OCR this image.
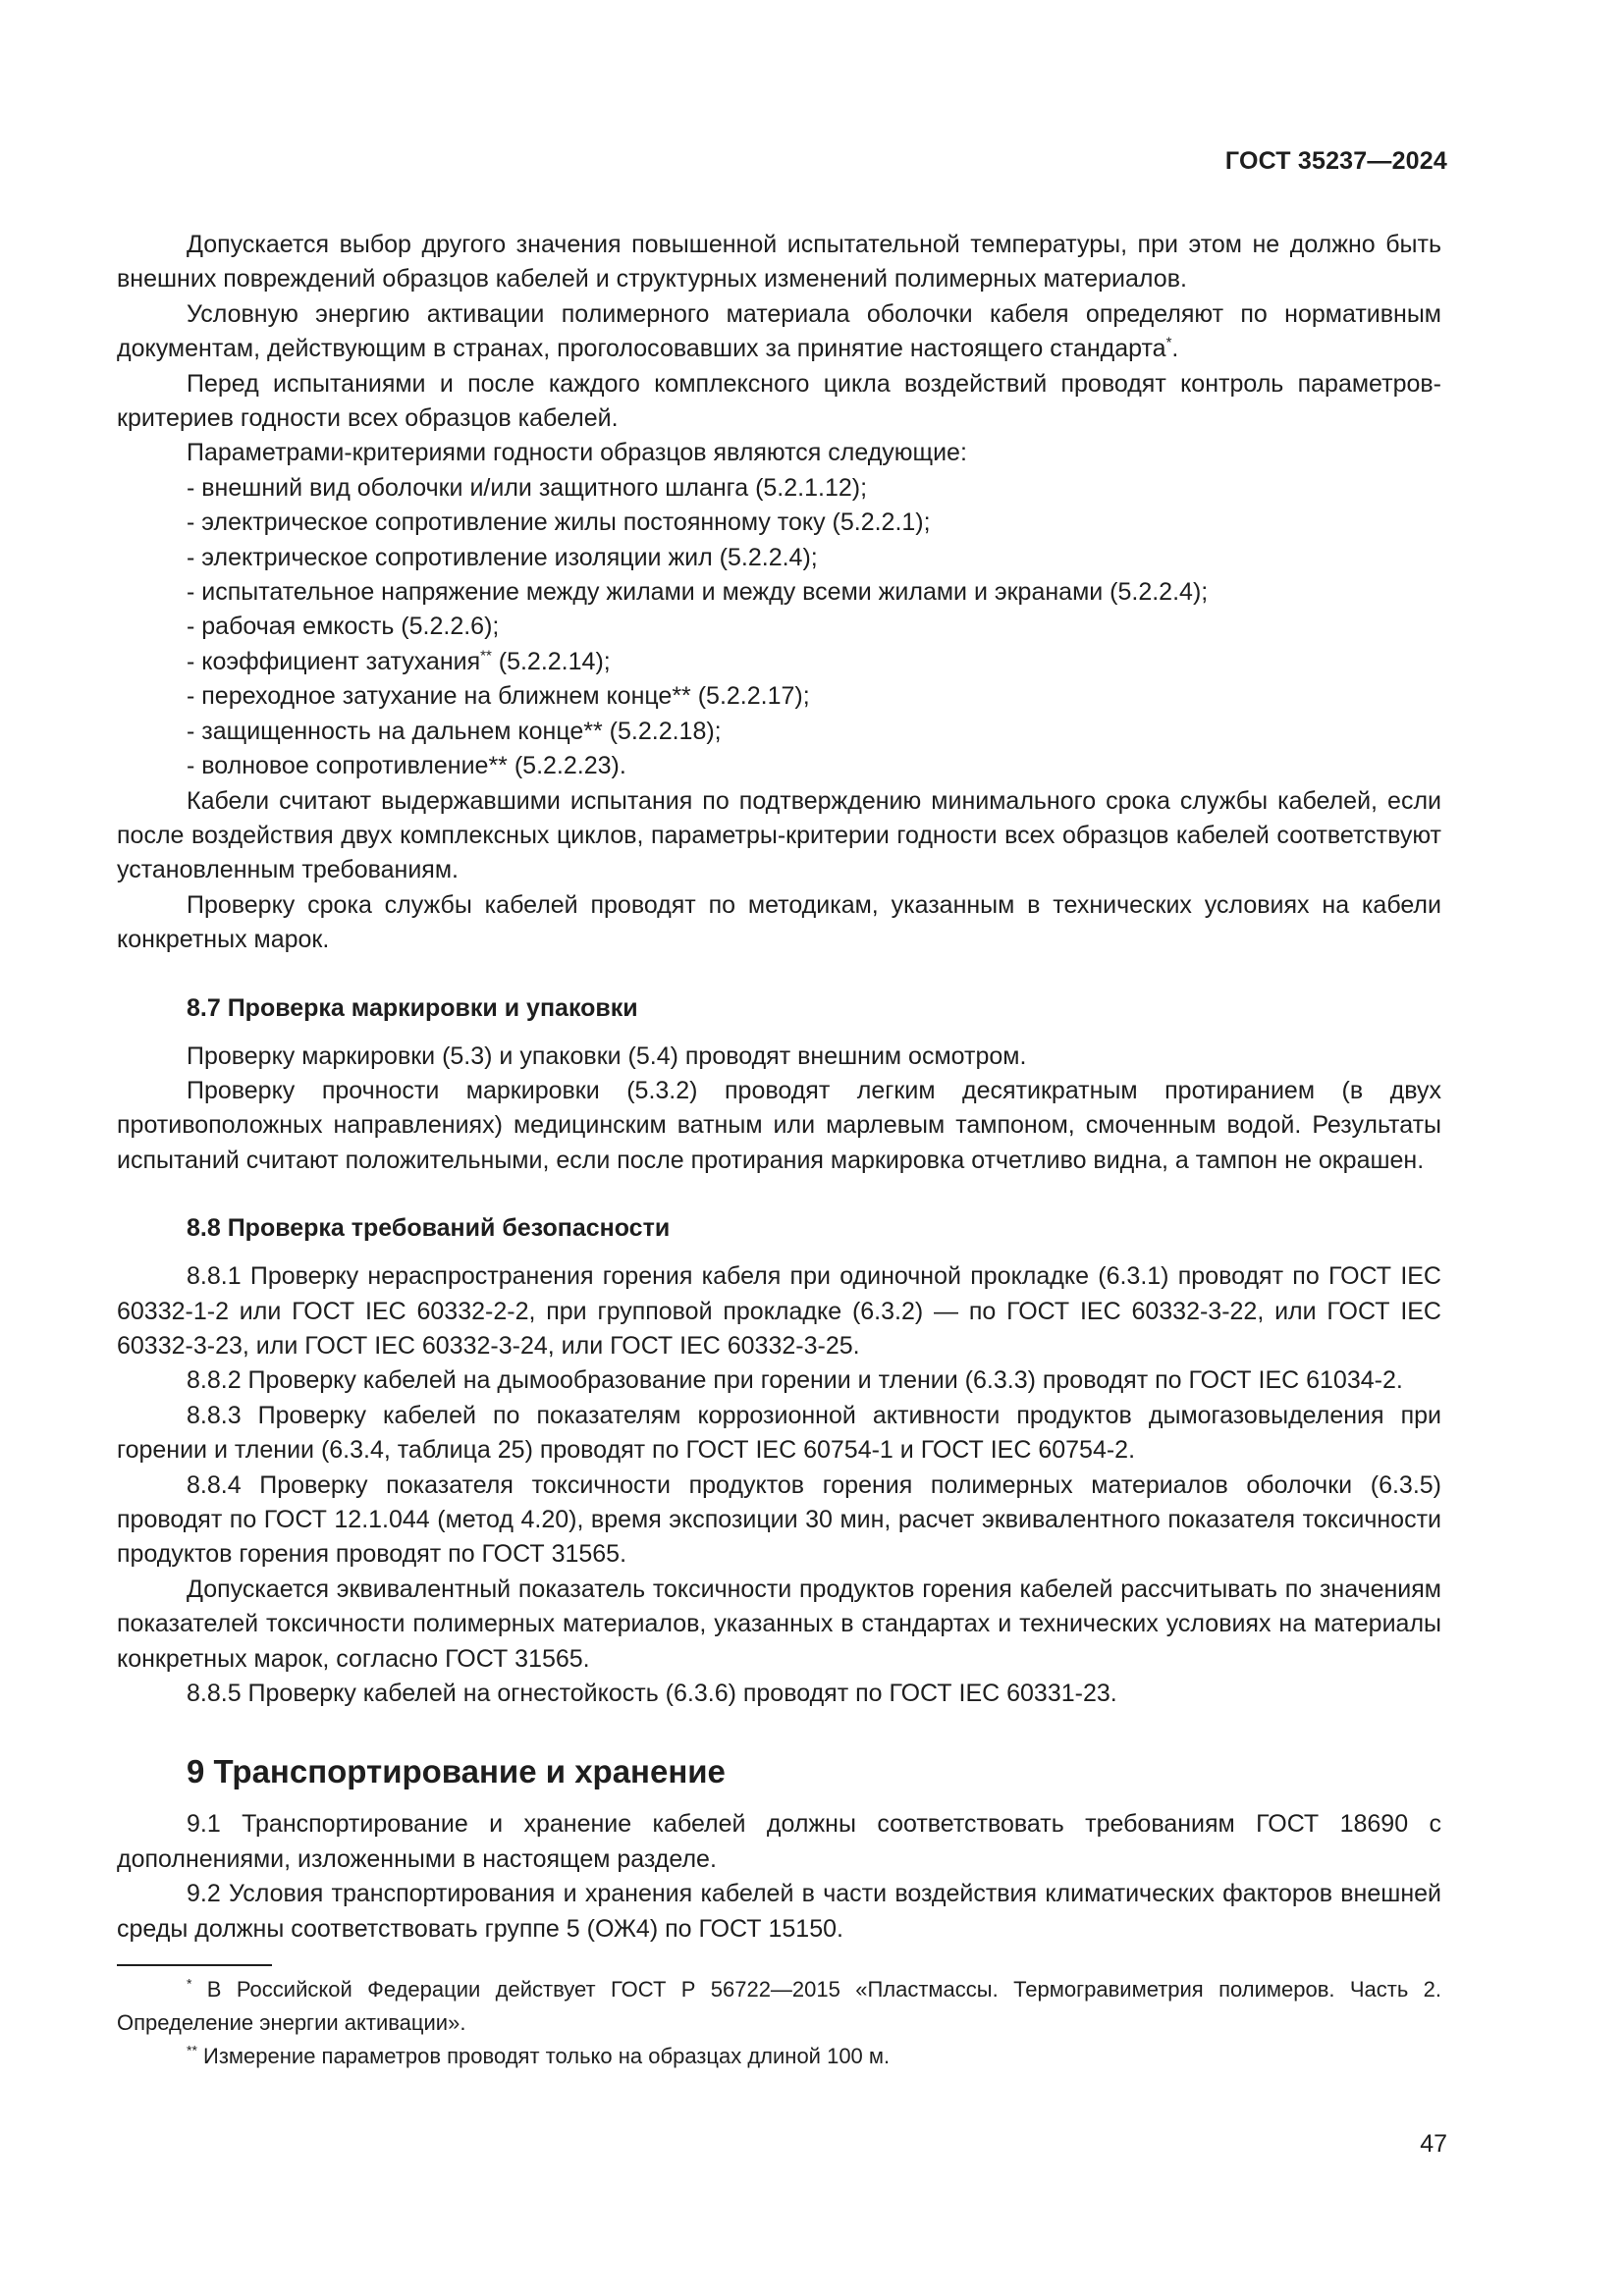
ГОСТ 35237—2024

Допускается выбор другого значения повышенной испытательной температуры, при этом не должно быть внешних повреждений образцов кабелей и структурных изменений полимерных материалов.

Условную энергию активации полимерного материала оболочки кабеля определяют по нормативным документам, действующим в странах, проголосовавших за принятие настоящего стандарта*.

Перед испытаниями и после каждого комплексного цикла воздействий проводят контроль параметров-критериев годности всех образцов кабелей.

Параметрами-критериями годности образцов являются следующие:

- внешний вид оболочки и/или защитного шланга (5.2.1.12);

- электрическое сопротивление жилы постоянному току (5.2.2.1);

- электрическое сопротивление изоляции жил (5.2.2.4);

- испытательное напряжение между жилами и между всеми жилами и экранами (5.2.2.4);

- рабочая емкость (5.2.2.6);

- коэффициент затухания** (5.2.2.14);

- переходное затухание на ближнем конце** (5.2.2.17);

- защищенность на дальнем конце** (5.2.2.18);

- волновое сопротивление** (5.2.2.23).

Кабели считают выдержавшими испытания по подтверждению минимального срока службы кабелей, если после воздействия двух комплексных циклов, параметры-критерии годности всех образцов кабелей соответствуют установленным требованиям.

Проверку срока службы кабелей проводят по методикам, указанным в технических условиях на кабели конкретных марок.

8.7 Проверка маркировки и упаковки

Проверку маркировки (5.3) и упаковки (5.4) проводят внешним осмотром.

Проверку прочности маркировки (5.3.2) проводят легким десятикратным протиранием (в двух противоположных направлениях) медицинским ватным или марлевым тампоном, смоченным водой. Результаты испытаний считают положительными, если после протирания маркировка отчетливо видна, а тампон не окрашен.

8.8 Проверка требований безопасности

8.8.1 Проверку нераспространения горения кабеля при одиночной прокладке (6.3.1) проводят по ГОСТ IEC 60332-1-2 или ГОСТ IEC 60332-2-2, при групповой прокладке (6.3.2) — по ГОСТ IEC 60332-3-22, или ГОСТ IEC 60332-3-23, или ГОСТ IEC 60332-3-24, или ГОСТ IEC 60332-3-25.

8.8.2 Проверку кабелей на дымообразование при горении и тлении (6.3.3) проводят по ГОСТ IEC 61034-2.

8.8.3 Проверку кабелей по показателям коррозионной активности продуктов дымогазовыделения при горении и тлении (6.3.4, таблица 25) проводят по ГОСТ IEC 60754-1 и ГОСТ IEC 60754-2.

8.8.4 Проверку показателя токсичности продуктов горения полимерных материалов оболочки (6.3.5) проводят по ГОСТ 12.1.044 (метод 4.20), время экспозиции 30 мин, расчет эквивалентного показателя токсичности продуктов горения проводят по ГОСТ 31565.

Допускается эквивалентный показатель токсичности продуктов горения кабелей рассчитывать по значениям показателей токсичности полимерных материалов, указанных в стандартах и технических условиях на материалы конкретных марок, согласно ГОСТ 31565.

8.8.5 Проверку кабелей на огнестойкость (6.3.6) проводят по ГОСТ IEC 60331-23.

9 Транспортирование и хранение

9.1 Транспортирование и хранение кабелей должны соответствовать требованиям ГОСТ 18690 с дополнениями, изложенными в настоящем разделе.

9.2 Условия транспортирования и хранения кабелей в части воздействия климатических факторов внешней среды должны соответствовать группе 5 (ОЖ4) по ГОСТ 15150.

* В Российской Федерации действует ГОСТ Р 56722—2015 «Пластмассы. Термогравиметрия полимеров. Часть 2. Определение энергии активации».

** Измерение параметров проводят только на образцах длиной 100 м.

47
